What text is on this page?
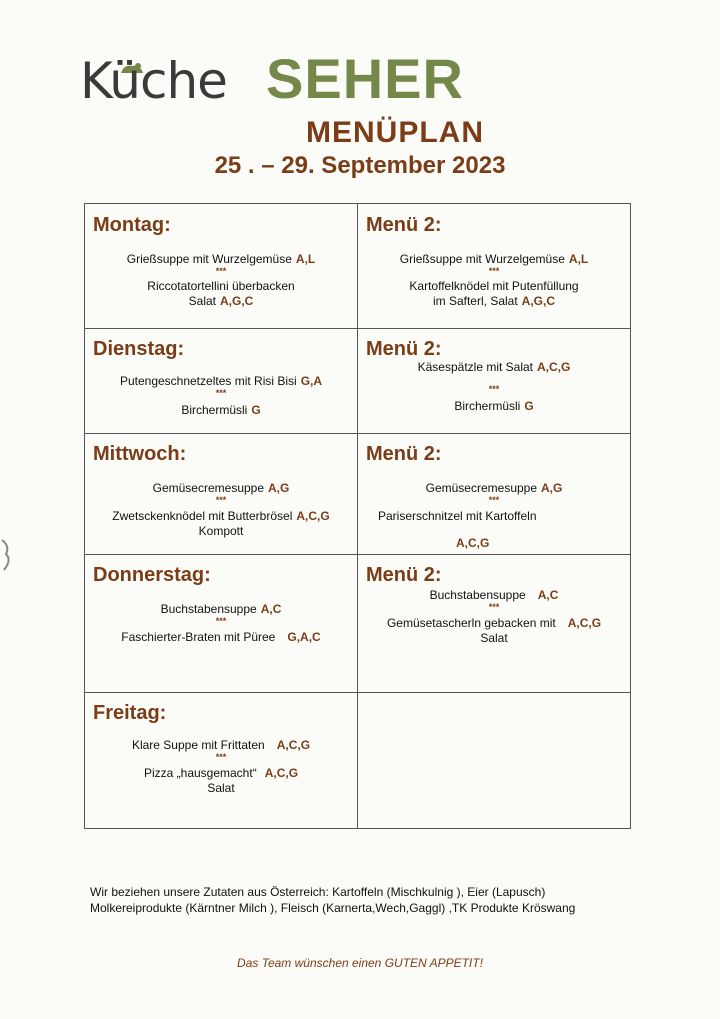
Küche SEHER
MENÜPLAN
25 . – 29. September 2023
Montag:
Grießsuppe mit Wurzelgemüse A,L
***
Riccotatortellini überbacken
Salat A,G,C
Menü 2:
Grießsuppe mit Wurzelgemüse A,L
***
Kartoffelknödel mit Putenfüllung
im Safterl, Salat A,G,C
Dienstag:
Putengeschnetzeltes mit Risi Bisi G,A
***
Birchermüsli G
Menü 2:
Käsespätzle mit Salat A,C,G
***
Birchermüsli G
Mittwoch:
Gemüsecremesuppe A,G
***
Zwetsckenknödel mit Butterbrösel A,C,G
Kompott
Menü 2:
Gemüsecremesuppe A,G
***
Pariserschnitzel mit Kartoffeln
A,C,G
Donnerstag:
Buchstabensuppe A,C
***
Faschierter-Braten mit Püree G,A,C
Menü 2:
Buchstabensuppe A,C
***
Gemüsetascherln gebacken mit A,C,G
Salat
Freitag:
Klare Suppe mit Frittaten A,C,G
***
Pizza „hausgemacht“ A,C,G
Salat
Wir beziehen unsere Zutaten aus Österreich: Kartoffeln (Mischkulnig ), Eier (Lapusch)
Molkereiprodukte (Kärntner Milch ), Fleisch (Karnerta,Wech,Gaggl) ,TK Produkte Kröswang
Das Team wünschen einen GUTEN APPETIT!
